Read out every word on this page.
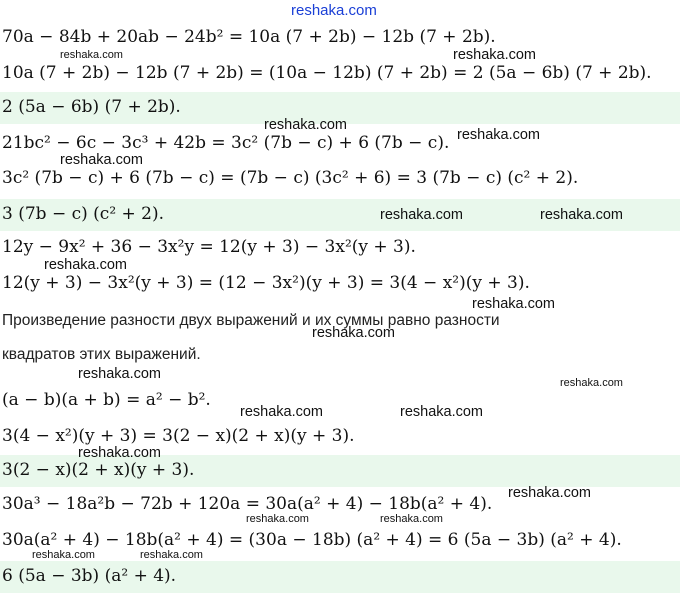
reshaka.com
70a − 84b + 20ab − 24b² = 10a (7 + 2b) − 12b (7 + 2b).
10a (7 + 2b) − 12b (7 + 2b) = (10a − 12b) (7 + 2b) = 2 (5a − 6b) (7 + 2b).
2 (5a − 6b) (7 + 2b).
21bc² − 6c − 3c³ + 42b = 3c² (7b − c) + 6 (7b − c).
3c² (7b − c) + 6 (7b − c) = (7b − c) (3c² + 6) = 3 (7b − c) (c² + 2).
3 (7b − c) (c² + 2).
12y − 9x² + 36 − 3x²y = 12(y + 3) − 3x²(y + 3).
12(y + 3) − 3x²(y + 3) = (12 − 3x²)(y + 3) = 3(4 − x²)(y + 3).
Произведение разности двух выражений и их суммы равно разности
квадратов этих выражений.
(a − b)(a + b) = a² − b².
3(4 − x²)(y + 3) = 3(2 − x)(2 + x)(y + 3).
3(2 − x)(2 + x)(y + 3).
30a³ − 18a²b − 72b + 120a = 30a(a² + 4) − 18b(a² + 4).
30a(a² + 4) − 18b(a² + 4) = (30a − 18b) (a² + 4) = 6 (5a − 3b) (a² + 4).
6 (5a − 3b) (a² + 4).
reshaka.com	reshaka.com
reshaka.com
reshaka.com
reshaka.com
reshaka.com	reshaka.com
reshaka.com
reshaka.com
reshaka.com
reshaka.com
reshaka.com
reshaka.com	reshaka.com
reshaka.com
reshaka.com
reshaka.com	reshaka.com
reshaka.com	reshaka.com
